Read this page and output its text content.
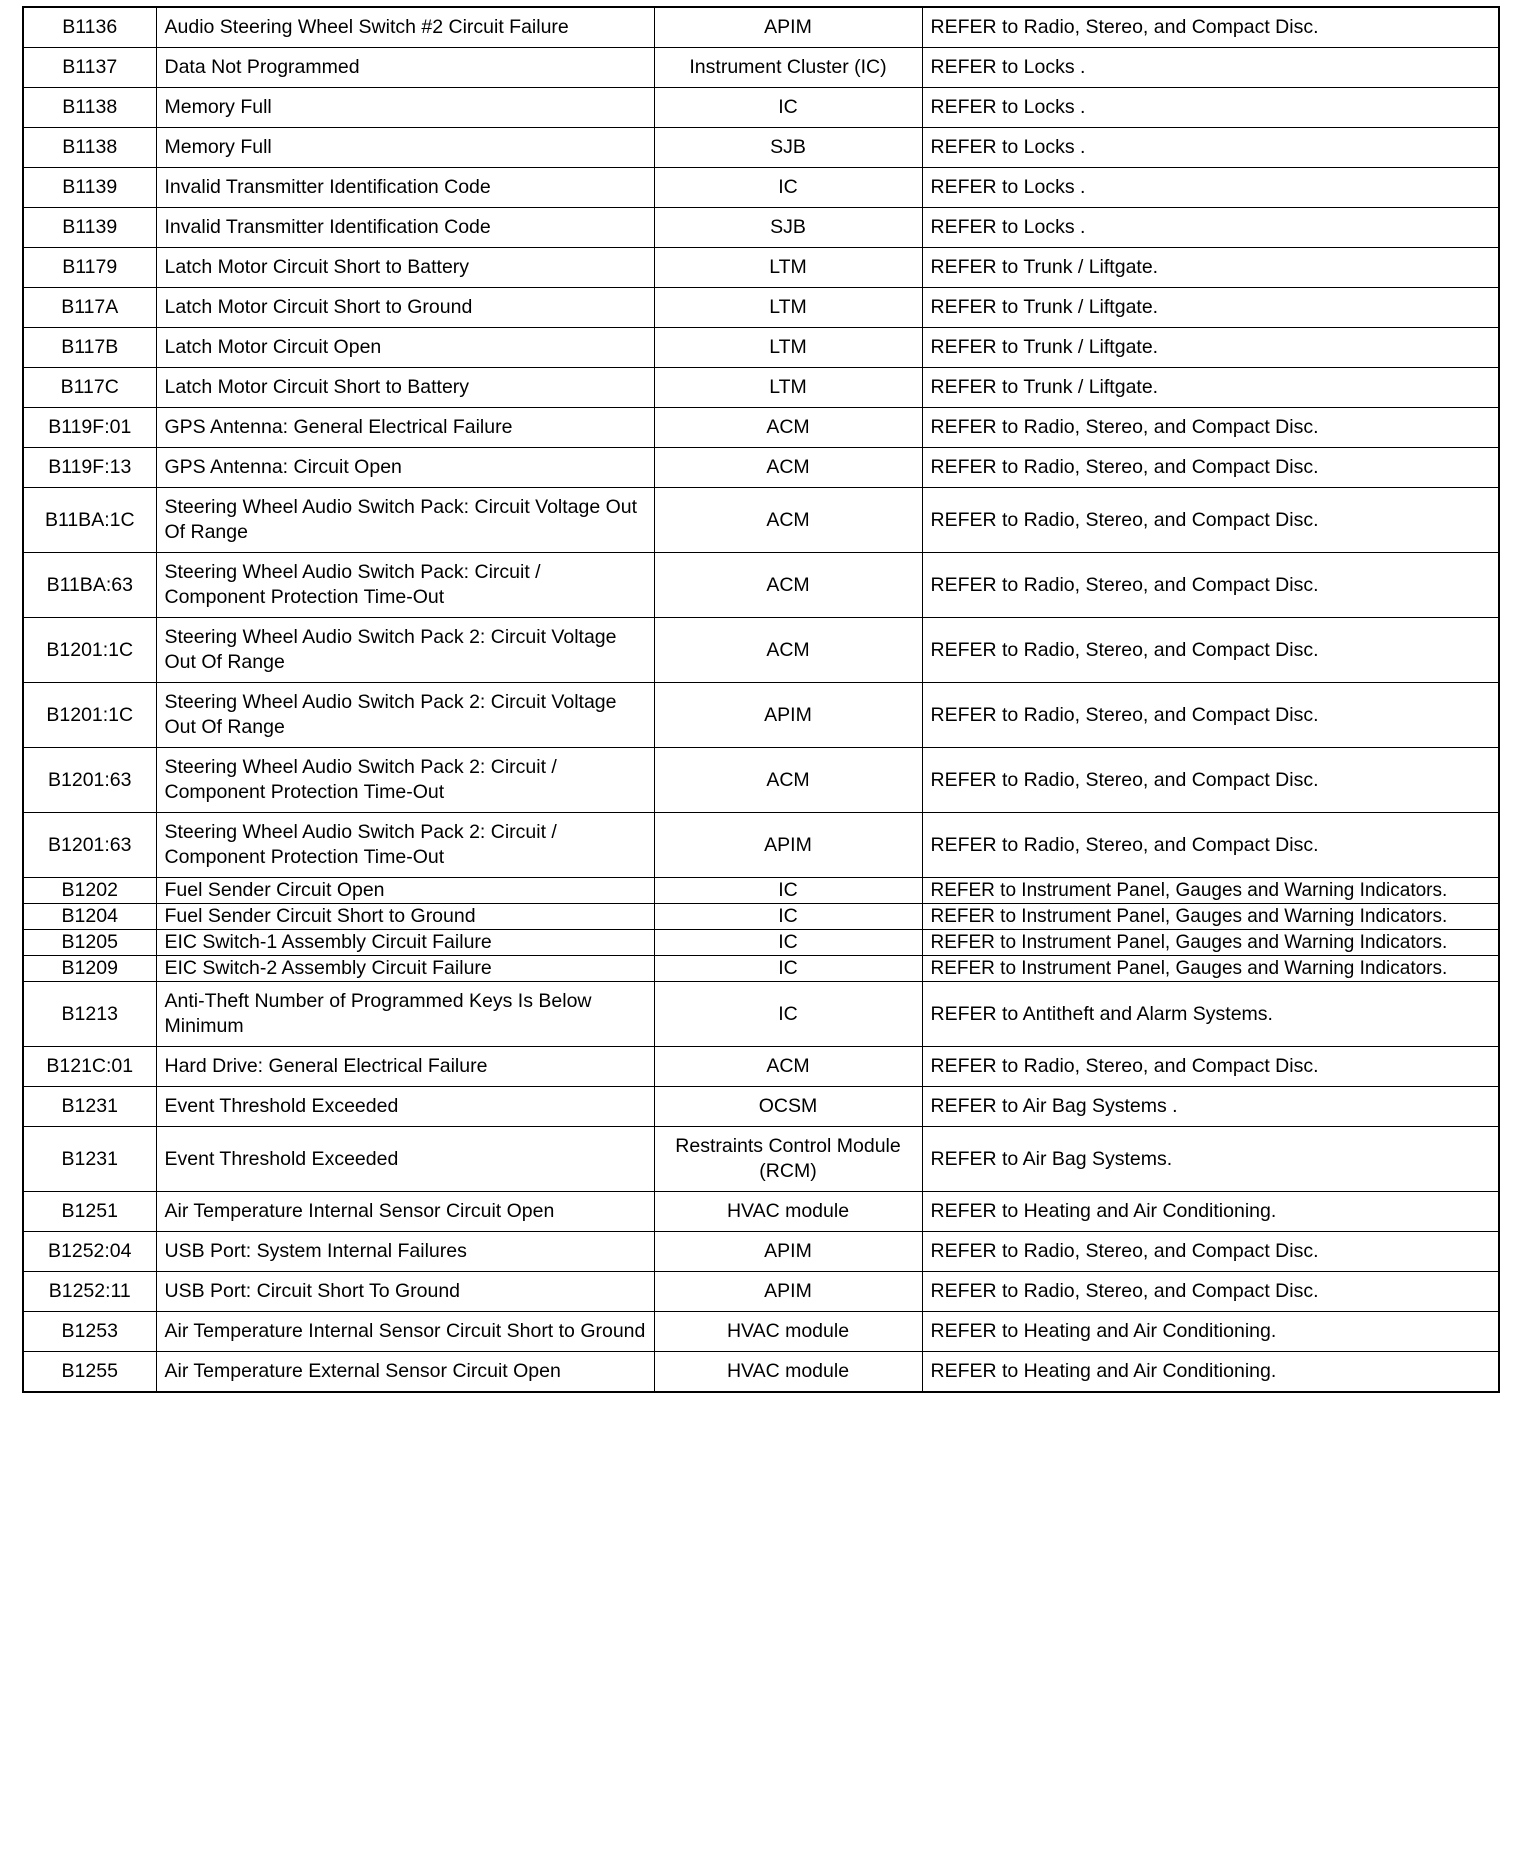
B1136	Audio Steering Wheel Switch #2 Circuit Failure	APIM	REFER to Radio, Stereo, and Compact Disc.
B1137	Data Not Programmed	Instrument Cluster (IC)	REFER to Locks .
B1138	Memory Full	IC	REFER to Locks .
B1138	Memory Full	SJB	REFER to Locks .
B1139	Invalid Transmitter Identification Code	IC	REFER to Locks .
B1139	Invalid Transmitter Identification Code	SJB	REFER to Locks .
B1179	Latch Motor Circuit Short to Battery	LTM	REFER to Trunk / Liftgate.
B117A	Latch Motor Circuit Short to Ground	LTM	REFER to Trunk / Liftgate.
B117B	Latch Motor Circuit Open	LTM	REFER to Trunk / Liftgate.
B117C	Latch Motor Circuit Short to Battery	LTM	REFER to Trunk / Liftgate.
B119F:01	GPS Antenna: General Electrical Failure	ACM	REFER to Radio, Stereo, and Compact Disc.
B119F:13	GPS Antenna: Circuit Open	ACM	REFER to Radio, Stereo, and Compact Disc.
B11BA:1C	Steering Wheel Audio Switch Pack: Circuit Voltage Out Of Range	ACM	REFER to Radio, Stereo, and Compact Disc.
B11BA:63	Steering Wheel Audio Switch Pack: Circuit / Component Protection Time-Out	ACM	REFER to Radio, Stereo, and Compact Disc.
B1201:1C	Steering Wheel Audio Switch Pack 2: Circuit Voltage Out Of Range	ACM	REFER to Radio, Stereo, and Compact Disc.
B1201:1C	Steering Wheel Audio Switch Pack 2: Circuit Voltage Out Of Range	APIM	REFER to Radio, Stereo, and Compact Disc.
B1201:63	Steering Wheel Audio Switch Pack 2: Circuit / Component Protection Time-Out	ACM	REFER to Radio, Stereo, and Compact Disc.
B1201:63	Steering Wheel Audio Switch Pack 2: Circuit / Component Protection Time-Out	APIM	REFER to Radio, Stereo, and Compact Disc.
B1202	Fuel Sender Circuit Open	IC	REFER to Instrument Panel, Gauges and Warning Indicators.
B1204	Fuel Sender Circuit Short to Ground	IC	REFER to Instrument Panel, Gauges and Warning Indicators.
B1205	EIC Switch-1 Assembly Circuit Failure	IC	REFER to Instrument Panel, Gauges and Warning Indicators.
B1209	EIC Switch-2 Assembly Circuit Failure	IC	REFER to Instrument Panel, Gauges and Warning Indicators.
B1213	Anti-Theft Number of Programmed Keys Is Below Minimum	IC	REFER to Antitheft and Alarm Systems.
B121C:01	Hard Drive: General Electrical Failure	ACM	REFER to Radio, Stereo, and Compact Disc.
B1231	Event Threshold Exceeded	OCSM	REFER to Air Bag Systems .
B1231	Event Threshold Exceeded	Restraints Control Module (RCM)	REFER to Air Bag Systems.
B1251	Air Temperature Internal Sensor Circuit Open	HVAC module	REFER to Heating and Air Conditioning.
B1252:04	USB Port: System Internal Failures	APIM	REFER to Radio, Stereo, and Compact Disc.
B1252:11	USB Port: Circuit Short To Ground	APIM	REFER to Radio, Stereo, and Compact Disc.
B1253	Air Temperature Internal Sensor Circuit Short to Ground	HVAC module	REFER to Heating and Air Conditioning.
B1255	Air Temperature External Sensor Circuit Open	HVAC module	REFER to Heating and Air Conditioning.
